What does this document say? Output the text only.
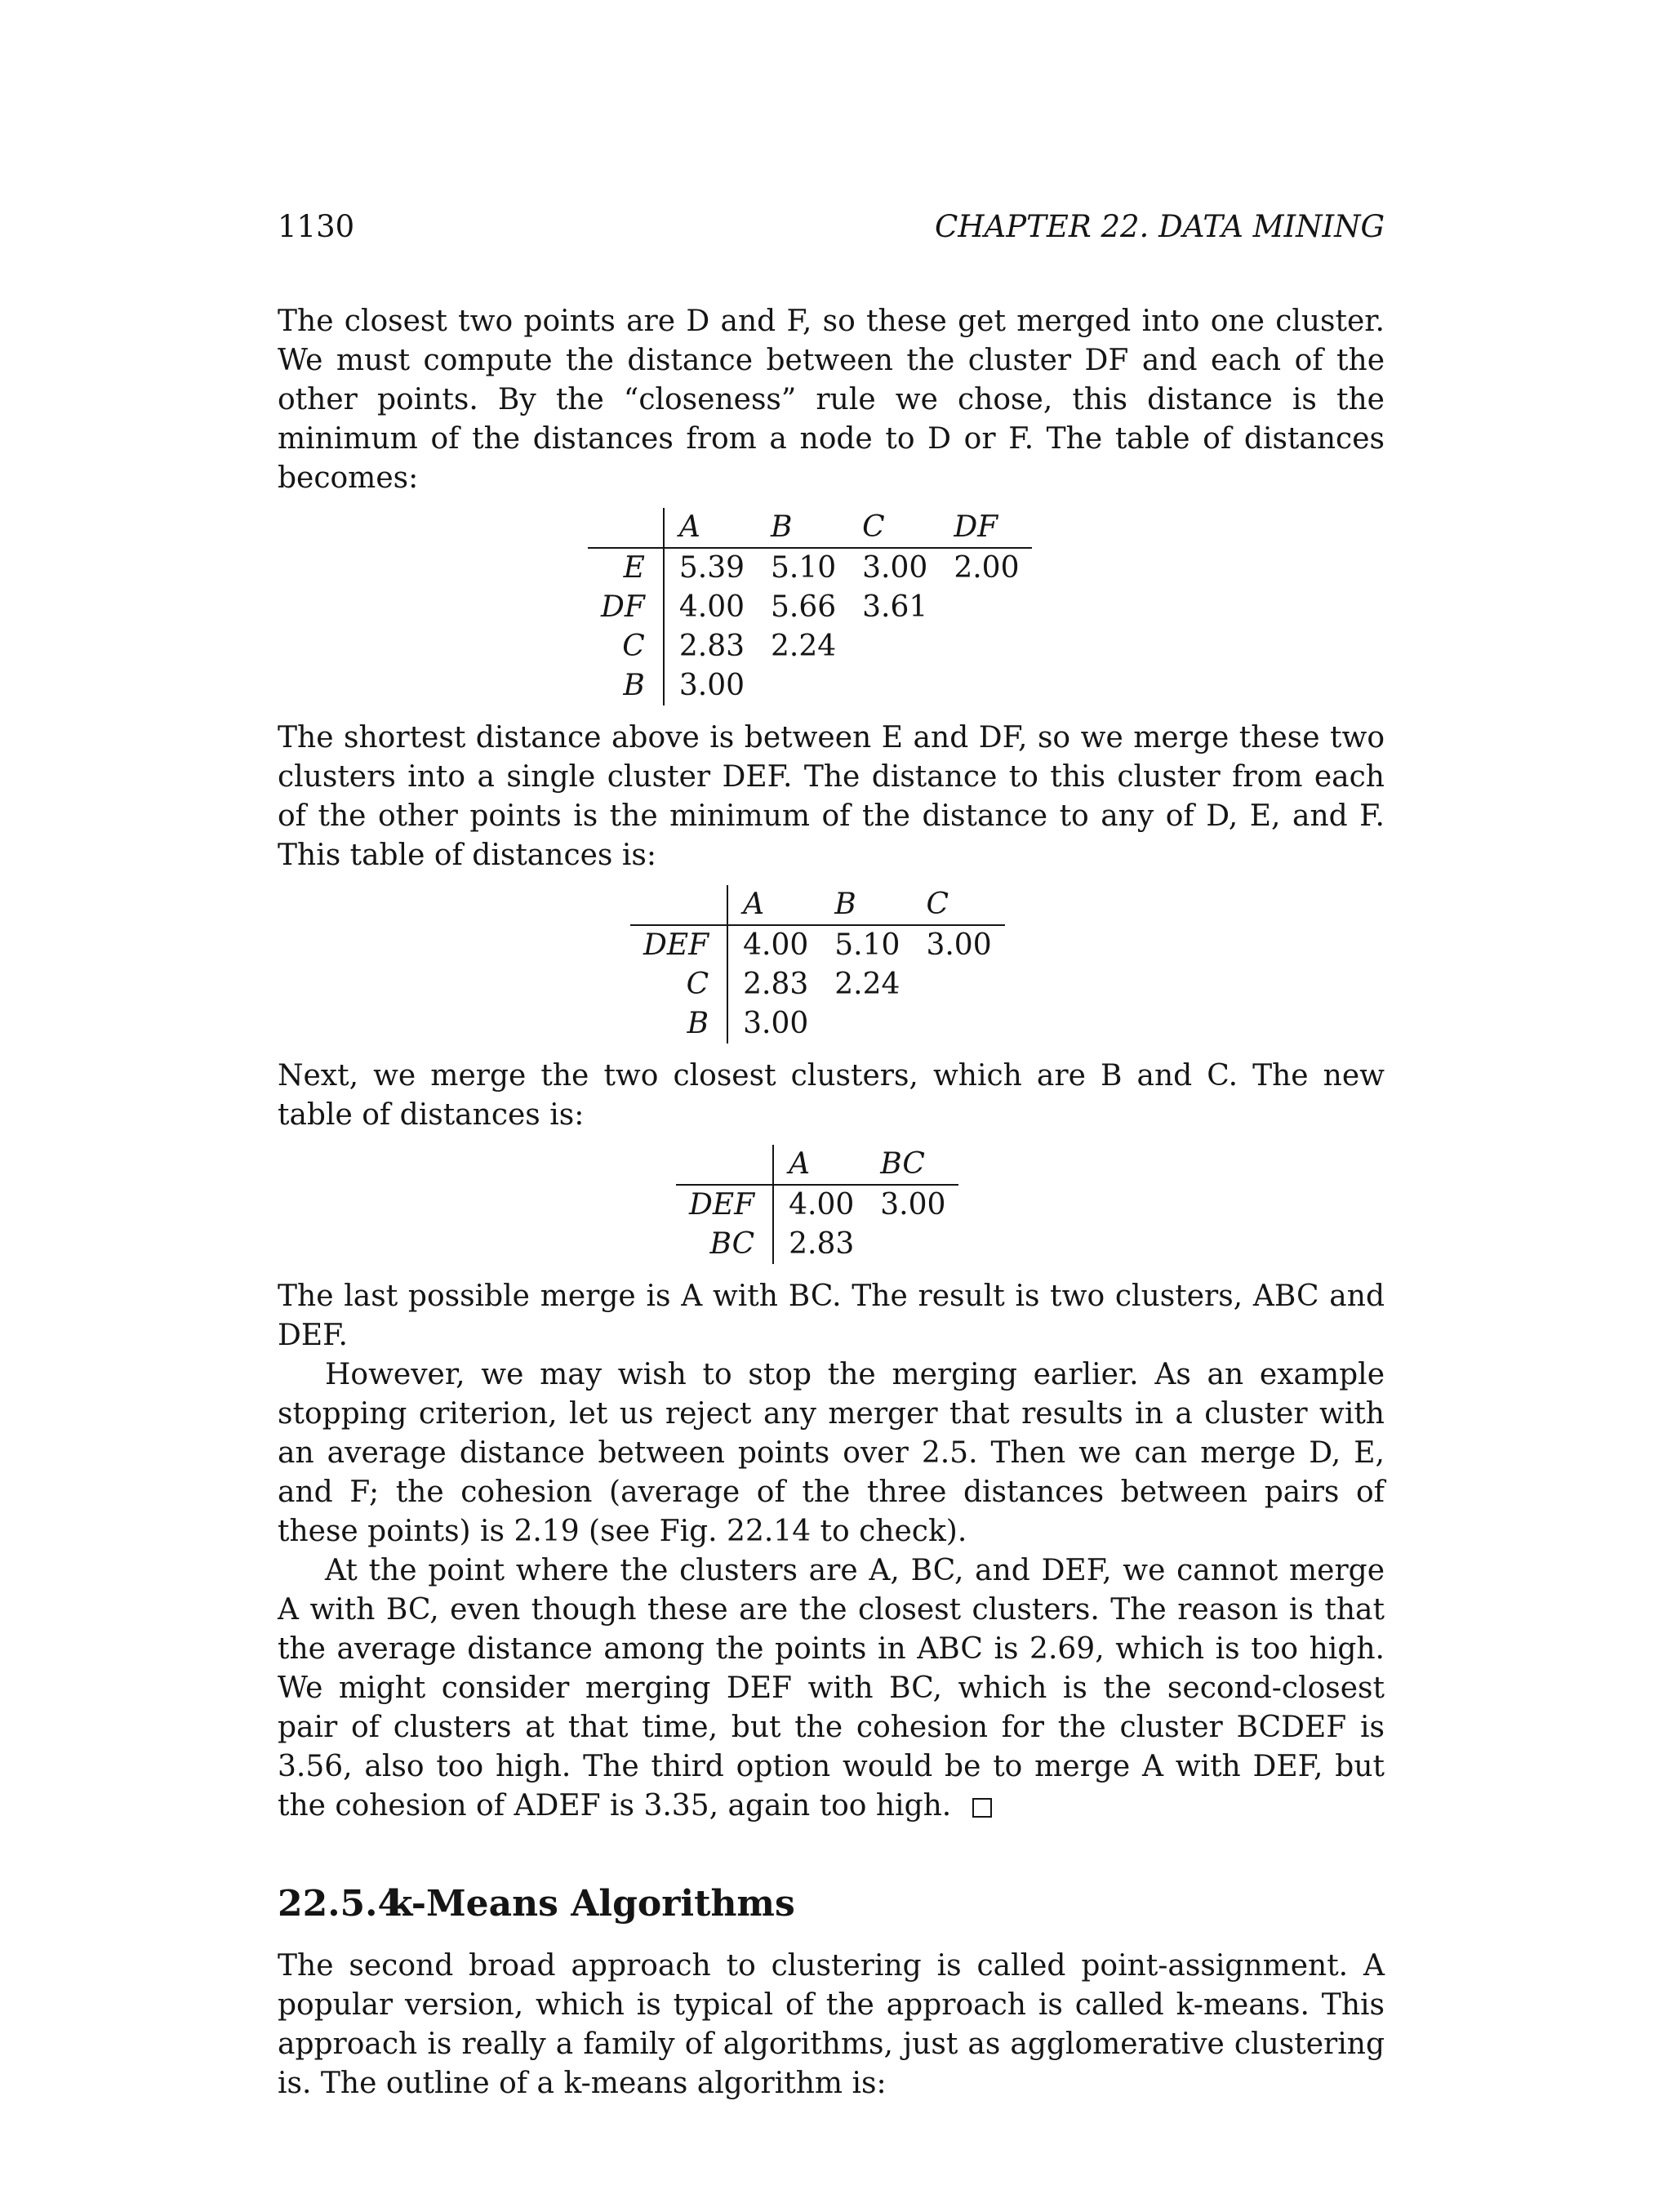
1130	CHAPTER 22. DATA MINING

The closest two points are D and F, so these get merged into one cluster. We must compute the distance between the cluster DF and each of the other points. By the “closeness” rule we chose, this distance is the minimum of the distances from a node to D or F. The table of distances becomes:

	A	B	C	DF
E	5.39	5.10	3.00	2.00
DF	4.00	5.66	3.61	
C	2.83	2.24		
B	3.00			

The shortest distance above is between E and DF, so we merge these two clusters into a single cluster DEF. The distance to this cluster from each of the other points is the minimum of the distance to any of D, E, and F. This table of distances is:

	A	B	C
DEF	4.00	5.10	3.00
C	2.83	2.24	
B	3.00		

Next, we merge the two closest clusters, which are B and C. The new table of distances is:

	A	BC
DEF	4.00	3.00
BC	2.83	

The last possible merge is A with BC. The result is two clusters, ABC and DEF.

However, we may wish to stop the merging earlier. As an example stopping criterion, let us reject any merger that results in a cluster with an average distance between points over 2.5. Then we can merge D, E, and F; the cohesion (average of the three distances between pairs of these points) is 2.19 (see Fig. 22.14 to check).

At the point where the clusters are A, BC, and DEF, we cannot merge A with BC, even though these are the closest clusters. The reason is that the average distance among the points in ABC is 2.69, which is too high. We might consider merging DEF with BC, which is the second-closest pair of clusters at that time, but the cohesion for the cluster BCDEF is 3.56, also too high. The third option would be to merge A with DEF, but the cohesion of ADEF is 3.35, again too high.

22.5.4k-Means Algorithms

The second broad approach to clustering is called point-assignment. A popular version, which is typical of the approach is called k-means. This approach is really a family of algorithms, just as agglomerative clustering is. The outline of a k-means algorithm is:
